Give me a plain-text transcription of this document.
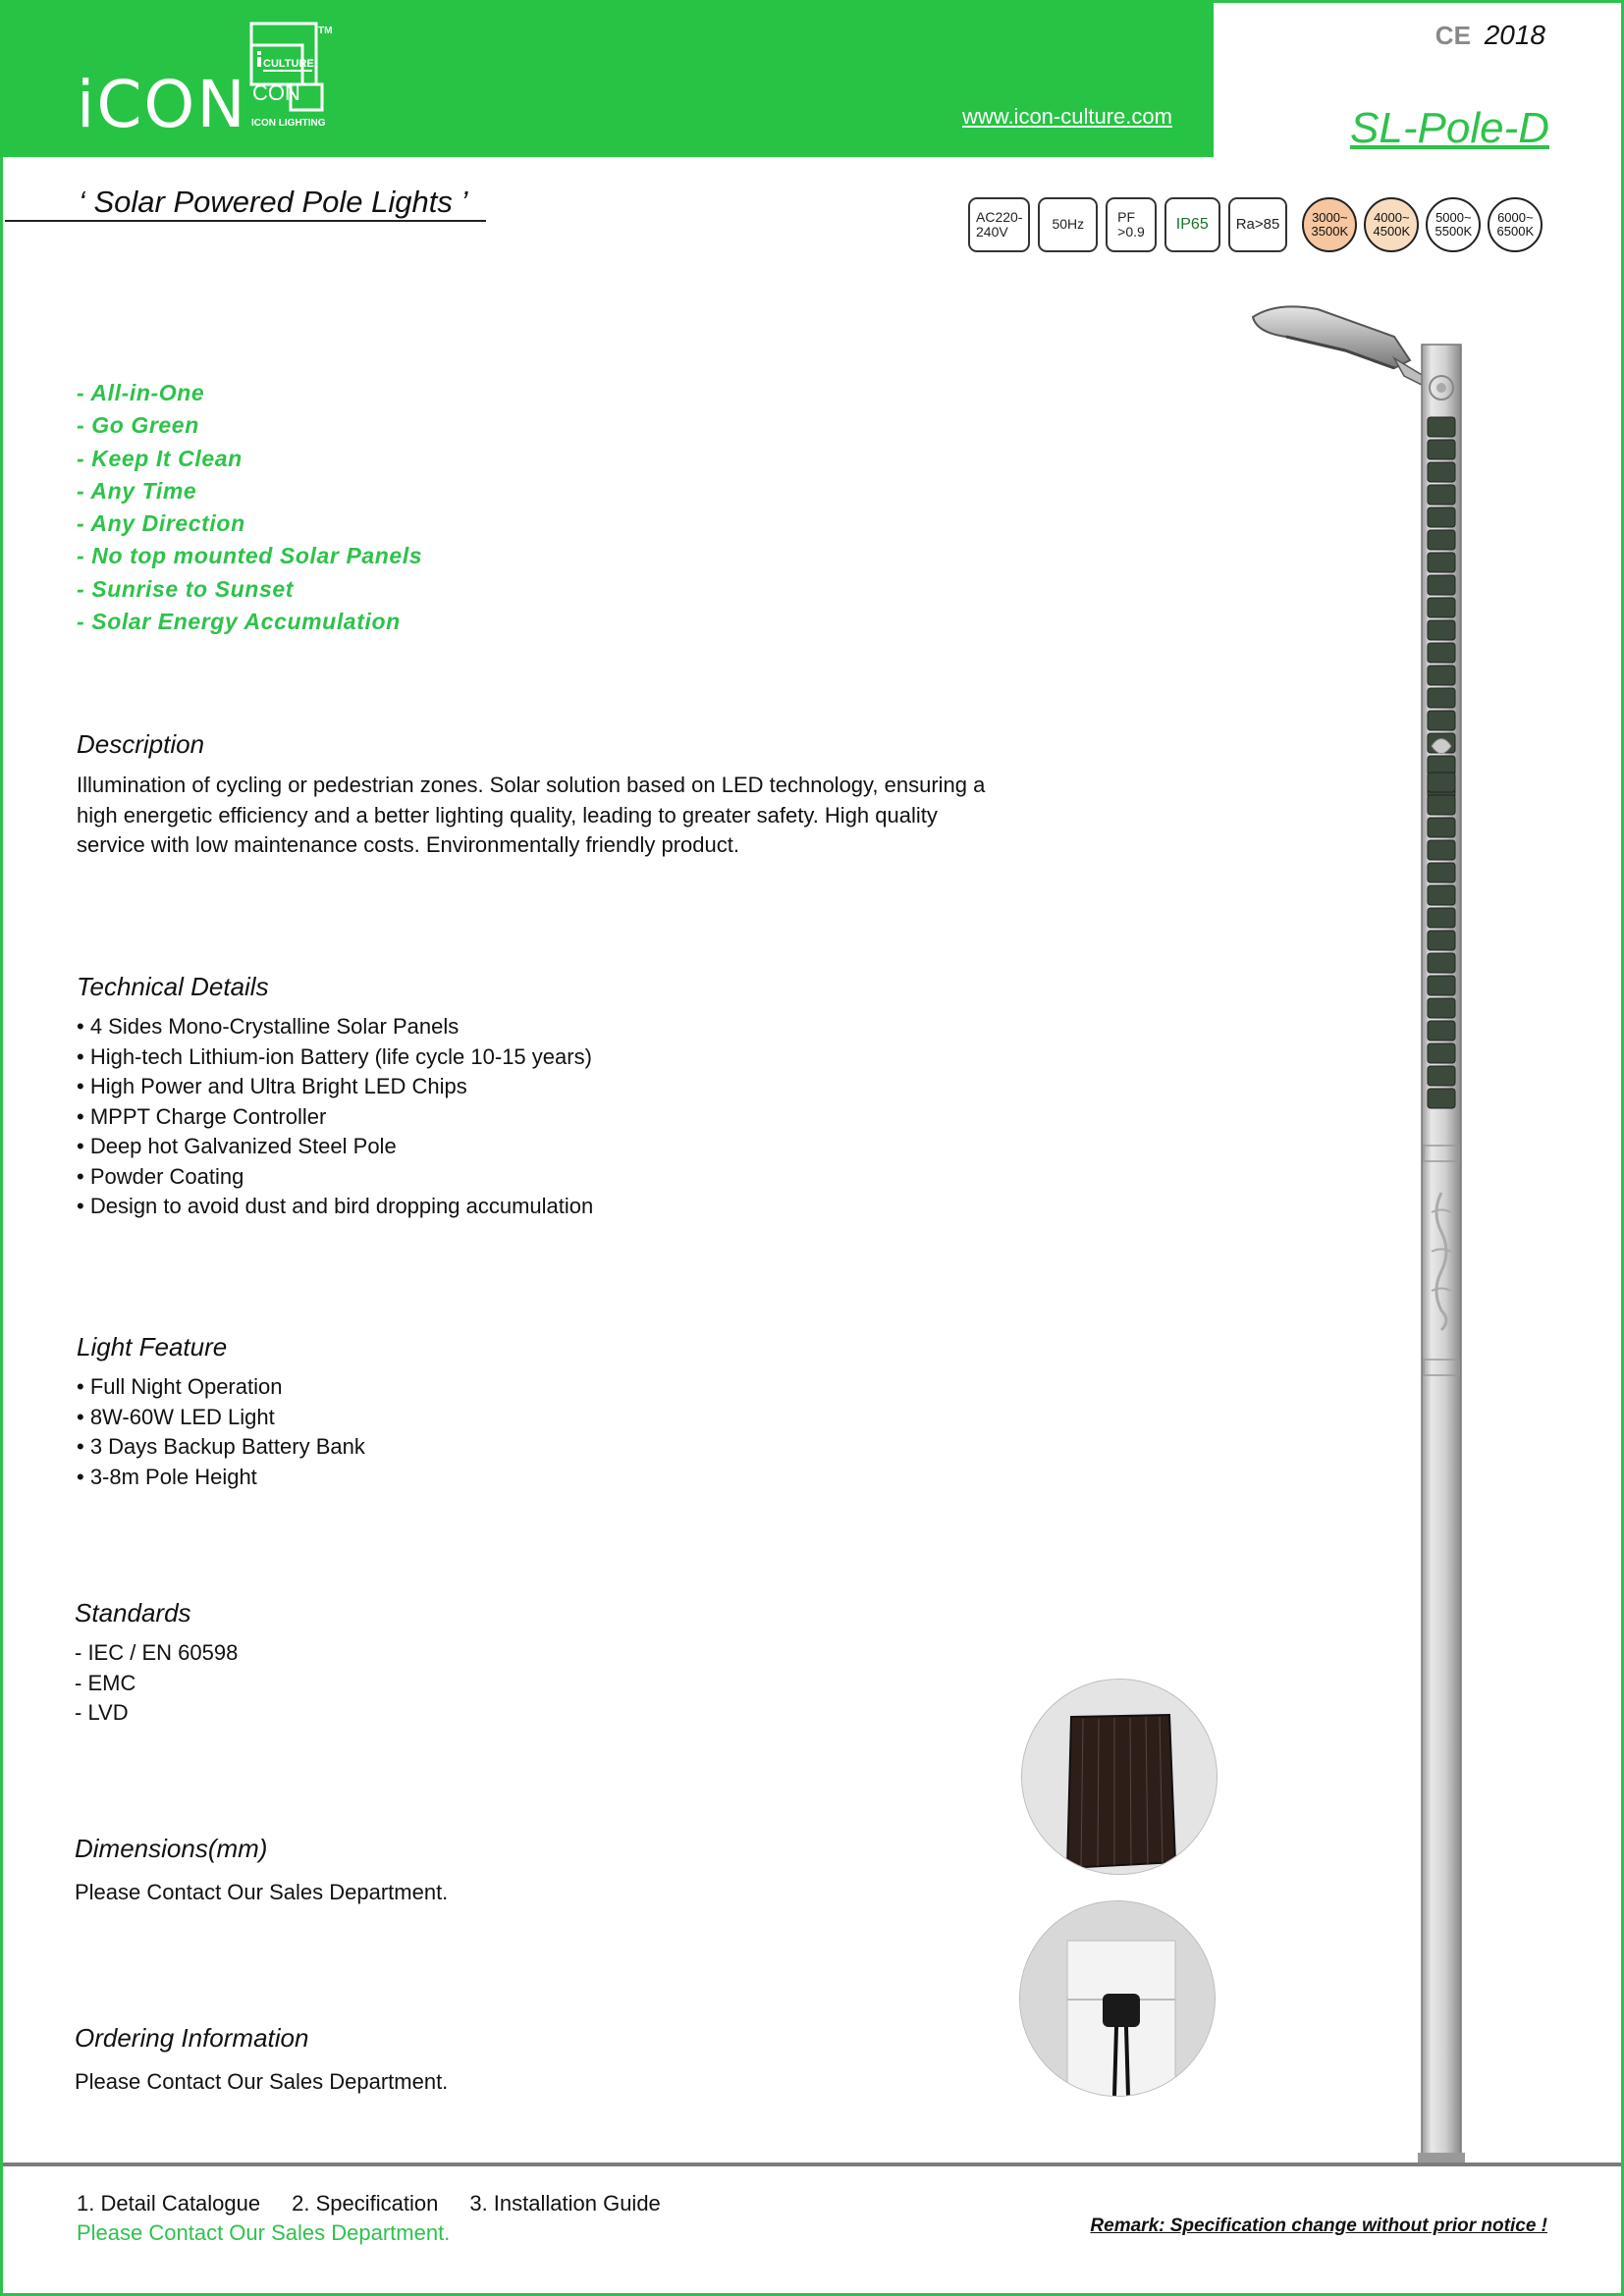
iCON
CULTURE
CON
TM
ICON LIGHTING	www.icon-culture.com
CE 2018
SL-Pole-D
‘ Solar Powered Pole Lights ’	AC220-
240V	50Hz PF
>0.9 IP65 Ra>85	3000~
3500K
4000~
4500K
5000~
5500K
6000~
6500K
- All-in-One
- Go Green
- Keep It Clean
- Any Time
- Any Direction
- No top mounted Solar Panels
- Sunrise to Sunset
- Solar Energy Accumulation
Description
Illumination of cycling or pedestrian zones. Solar solution based on LED technology, ensuring a high energetic efficiency and a better lighting quality, leading to greater safety. High quality service with low maintenance costs. Environmentally friendly product.
Technical Details
• 4 Sides Mono-Crystalline Solar Panels
• High-tech Lithium-ion Battery (life cycle 10-15 years)
• High Power and Ultra Bright LED Chips
• MPPT Charge Controller
• Deep hot Galvanized Steel Pole
• Powder Coating
• Design to avoid dust and bird dropping accumulation
Light Feature
• Full Night Operation
• 8W-60W LED Light
• 3 Days Backup Battery Bank
• 3-8m Pole Height
Standards
- IEC / EN 60598
- EMC
- LVD
Dimensions(mm)
Please Contact Our Sales Department.
Ordering Information
Please Contact Our Sales Department.
1. Detail Catalogue 2. Specification 3. Installation Guide
Please Contact Our Sales Department.	Remark: Specification change without prior notice !
